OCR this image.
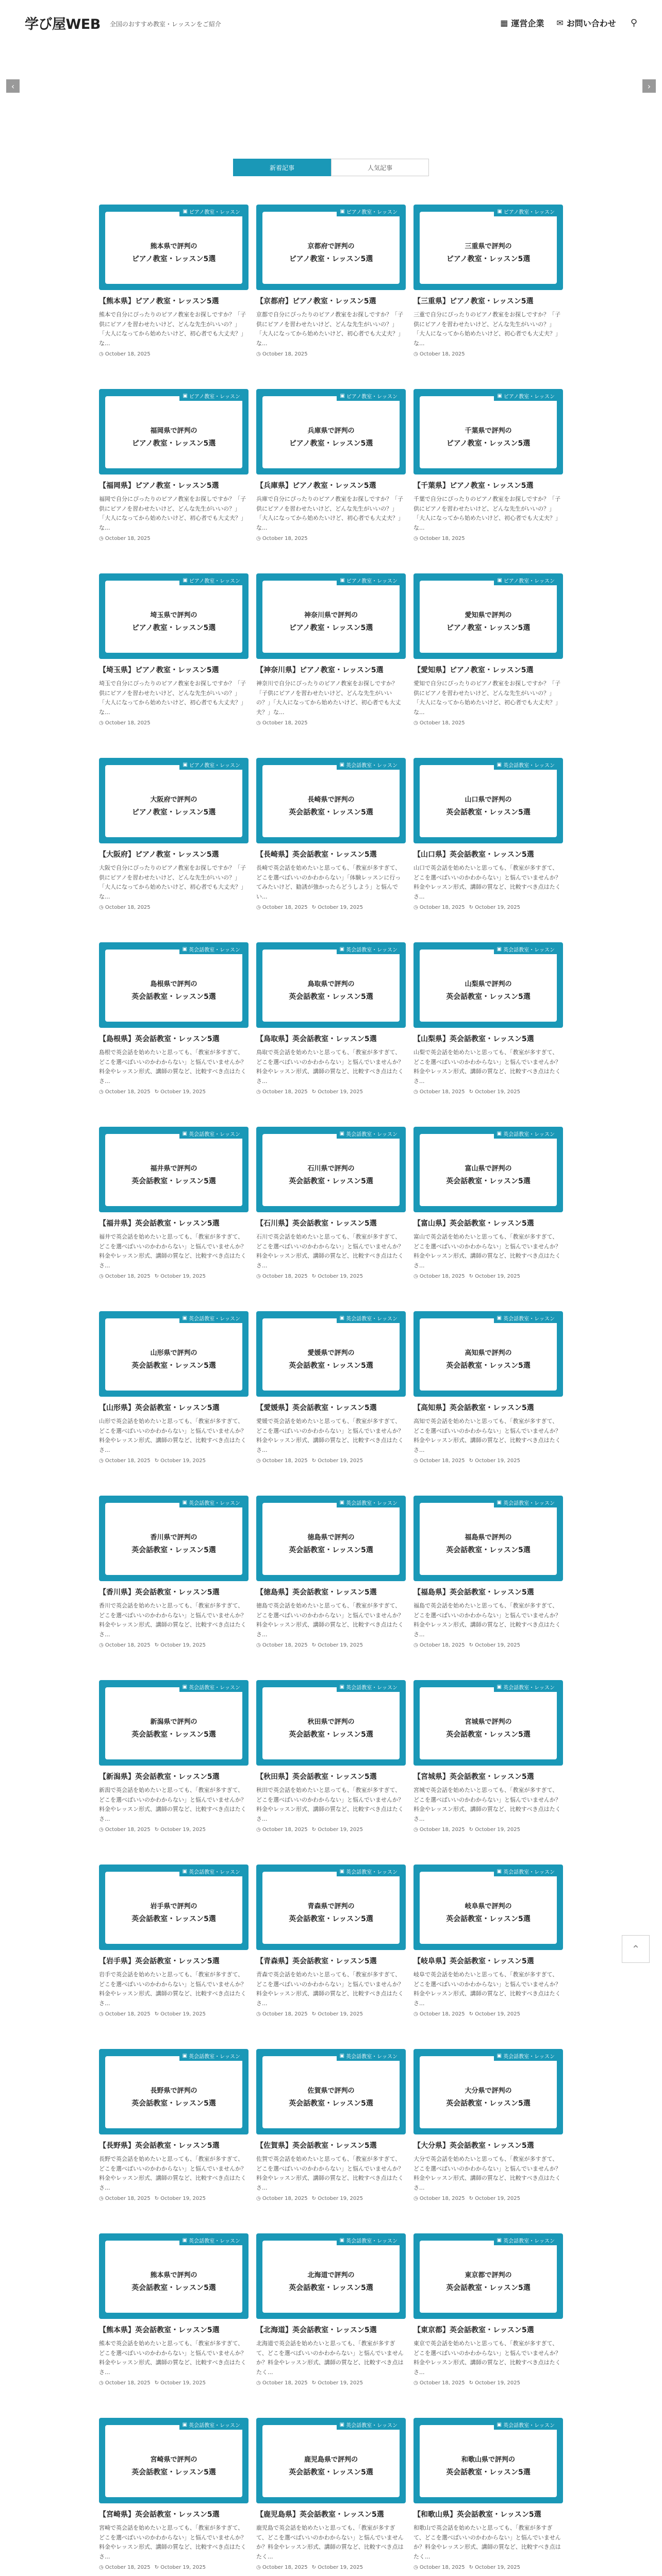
学び屋WEB 全国のおすすめ教室・レッスンをご紹介	▦ 運営企業 ✉ お問い合わせ ⚲
‹	›
新着記事	人気記事
▣ ピアノ教室・レッスン
熊本県で評判の
ピアノ教室・レッスン5選
【熊本県】ピアノ教室・レッスン5選
熊本で自分にぴったりのピアノ教室をお探しですか？「子供にピアノを習わせたいけど、どんな先生がいいの？」「大人になってから始めたいけど、初心者でも大丈夫？」な...
◷ October 18, 2025
▣ ピアノ教室・レッスン
京都府で評判の
ピアノ教室・レッスン5選
【京都府】ピアノ教室・レッスン5選
京都で自分にぴったりのピアノ教室をお探しですか？「子供にピアノを習わせたいけど、どんな先生がいいの？」「大人になってから始めたいけど、初心者でも大丈夫？」な...
◷ October 18, 2025
▣ ピアノ教室・レッスン
三重県で評判の
ピアノ教室・レッスン5選
【三重県】ピアノ教室・レッスン5選
三重で自分にぴったりのピアノ教室をお探しですか？「子供にピアノを習わせたいけど、どんな先生がいいの？」「大人になってから始めたいけど、初心者でも大丈夫？」な...
◷ October 18, 2025
▣ ピアノ教室・レッスン
福岡県で評判の
ピアノ教室・レッスン5選
【福岡県】ピアノ教室・レッスン5選
福岡で自分にぴったりのピアノ教室をお探しですか？「子供にピアノを習わせたいけど、どんな先生がいいの？」「大人になってから始めたいけど、初心者でも大丈夫？」な...
◷ October 18, 2025
▣ ピアノ教室・レッスン
兵庫県で評判の
ピアノ教室・レッスン5選
【兵庫県】ピアノ教室・レッスン5選
兵庫で自分にぴったりのピアノ教室をお探しですか？「子供にピアノを習わせたいけど、どんな先生がいいの？」「大人になってから始めたいけど、初心者でも大丈夫？」な...
◷ October 18, 2025
▣ ピアノ教室・レッスン
千葉県で評判の
ピアノ教室・レッスン5選
【千葉県】ピアノ教室・レッスン5選
千葉で自分にぴったりのピアノ教室をお探しですか？「子供にピアノを習わせたいけど、どんな先生がいいの？」「大人になってから始めたいけど、初心者でも大丈夫？」な...
◷ October 18, 2025
▣ ピアノ教室・レッスン
埼玉県で評判の
ピアノ教室・レッスン5選
【埼玉県】ピアノ教室・レッスン5選
埼玉で自分にぴったりのピアノ教室をお探しですか？「子供にピアノを習わせたいけど、どんな先生がいいの？」「大人になってから始めたいけど、初心者でも大丈夫？」な...
◷ October 18, 2025
▣ ピアノ教室・レッスン
神奈川県で評判の
ピアノ教室・レッスン5選
【神奈川県】ピアノ教室・レッスン5選
神奈川で自分にぴったりのピアノ教室をお探しですか？「子供にピアノを習わせたいけど、どんな先生がいいの？」「大人になってから始めたいけど、初心者でも大丈夫？」な...
◷ October 18, 2025
▣ ピアノ教室・レッスン
愛知県で評判の
ピアノ教室・レッスン5選
【愛知県】ピアノ教室・レッスン5選
愛知で自分にぴったりのピアノ教室をお探しですか？「子供にピアノを習わせたいけど、どんな先生がいいの？」「大人になってから始めたいけど、初心者でも大丈夫？」な...
◷ October 18, 2025
▣ ピアノ教室・レッスン
大阪府で評判の
ピアノ教室・レッスン5選
【大阪府】ピアノ教室・レッスン5選
大阪で自分にぴったりのピアノ教室をお探しですか？「子供にピアノを習わせたいけど、どんな先生がいいの？」「大人になってから始めたいけど、初心者でも大丈夫？」な...
◷ October 18, 2025
▣ 英会話教室・レッスン
長崎県で評判の
英会話教室・レッスン5選
【長崎県】英会話教室・レッスン5選
長崎で英会話を始めたいと思っても、「教室が多すぎて、どこを選べばいいのかわからない」「体験レッスンに行ってみたいけど、勧誘が強かったらどうしよう」と悩んでい...
◷ October 18, 2025 ↻ October 19, 2025
▣ 英会話教室・レッスン
山口県で評判の
英会話教室・レッスン5選
【山口県】英会話教室・レッスン5選
山口で英会話を始めたいと思っても、「教室が多すぎて、どこを選べばいいのかわからない」と悩んでいませんか？料金やレッスン形式、講師の質など、比較すべき点はたくさ...
◷ October 18, 2025 ↻ October 19, 2025
▣ 英会話教室・レッスン
島根県で評判の
英会話教室・レッスン5選
【島根県】英会話教室・レッスン5選
島根で英会話を始めたいと思っても、「教室が多すぎて、どこを選べばいいのかわからない」と悩んでいませんか？料金やレッスン形式、講師の質など、比較すべき点はたくさ...
◷ October 18, 2025 ↻ October 19, 2025
▣ 英会話教室・レッスン
鳥取県で評判の
英会話教室・レッスン5選
【鳥取県】英会話教室・レッスン5選
鳥取で英会話を始めたいと思っても、「教室が多すぎて、どこを選べばいいのかわからない」と悩んでいませんか？料金やレッスン形式、講師の質など、比較すべき点はたくさ...
◷ October 18, 2025 ↻ October 19, 2025
▣ 英会話教室・レッスン
山梨県で評判の
英会話教室・レッスン5選
【山梨県】英会話教室・レッスン5選
山梨で英会話を始めたいと思っても、「教室が多すぎて、どこを選べばいいのかわからない」と悩んでいませんか？料金やレッスン形式、講師の質など、比較すべき点はたくさ...
◷ October 18, 2025 ↻ October 19, 2025
▣ 英会話教室・レッスン
福井県で評判の
英会話教室・レッスン5選
【福井県】英会話教室・レッスン5選
福井で英会話を始めたいと思っても、「教室が多すぎて、どこを選べばいいのかわからない」と悩んでいませんか？料金やレッスン形式、講師の質など、比較すべき点はたくさ...
◷ October 18, 2025 ↻ October 19, 2025
▣ 英会話教室・レッスン
石川県で評判の
英会話教室・レッスン5選
【石川県】英会話教室・レッスン5選
石川で英会話を始めたいと思っても、「教室が多すぎて、どこを選べばいいのかわからない」と悩んでいませんか？料金やレッスン形式、講師の質など、比較すべき点はたくさ...
◷ October 18, 2025 ↻ October 19, 2025
▣ 英会話教室・レッスン
富山県で評判の
英会話教室・レッスン5選
【富山県】英会話教室・レッスン5選
富山で英会話を始めたいと思っても、「教室が多すぎて、どこを選べばいいのかわからない」と悩んでいませんか？料金やレッスン形式、講師の質など、比較すべき点はたくさ...
◷ October 18, 2025 ↻ October 19, 2025
▣ 英会話教室・レッスン
山形県で評判の
英会話教室・レッスン5選
【山形県】英会話教室・レッスン5選
山形で英会話を始めたいと思っても、「教室が多すぎて、どこを選べばいいのかわからない」と悩んでいませんか？料金やレッスン形式、講師の質など、比較すべき点はたくさ...
◷ October 18, 2025 ↻ October 19, 2025
▣ 英会話教室・レッスン
愛媛県で評判の
英会話教室・レッスン5選
【愛媛県】英会話教室・レッスン5選
愛媛で英会話を始めたいと思っても、「教室が多すぎて、どこを選べばいいのかわからない」と悩んでいませんか？料金やレッスン形式、講師の質など、比較すべき点はたくさ...
◷ October 18, 2025 ↻ October 19, 2025
▣ 英会話教室・レッスン
高知県で評判の
英会話教室・レッスン5選
【高知県】英会話教室・レッスン5選
高知で英会話を始めたいと思っても、「教室が多すぎて、どこを選べばいいのかわからない」と悩んでいませんか？料金やレッスン形式、講師の質など、比較すべき点はたくさ...
◷ October 18, 2025 ↻ October 19, 2025
▣ 英会話教室・レッスン
香川県で評判の
英会話教室・レッスン5選
【香川県】英会話教室・レッスン5選
香川で英会話を始めたいと思っても、「教室が多すぎて、どこを選べばいいのかわからない」と悩んでいませんか？料金やレッスン形式、講師の質など、比較すべき点はたくさ...
◷ October 18, 2025 ↻ October 19, 2025
▣ 英会話教室・レッスン
徳島県で評判の
英会話教室・レッスン5選
【徳島県】英会話教室・レッスン5選
徳島で英会話を始めたいと思っても、「教室が多すぎて、どこを選べばいいのかわからない」と悩んでいませんか？料金やレッスン形式、講師の質など、比較すべき点はたくさ...
◷ October 18, 2025 ↻ October 19, 2025
▣ 英会話教室・レッスン
福島県で評判の
英会話教室・レッスン5選
【福島県】英会話教室・レッスン5選
福島で英会話を始めたいと思っても、「教室が多すぎて、どこを選べばいいのかわからない」と悩んでいませんか？料金やレッスン形式、講師の質など、比較すべき点はたくさ...
◷ October 18, 2025 ↻ October 19, 2025
▣ 英会話教室・レッスン
新潟県で評判の
英会話教室・レッスン5選
【新潟県】英会話教室・レッスン5選
新潟で英会話を始めたいと思っても、「教室が多すぎて、どこを選べばいいのかわからない」と悩んでいませんか？料金やレッスン形式、講師の質など、比較すべき点はたくさ...
◷ October 18, 2025 ↻ October 19, 2025
▣ 英会話教室・レッスン
秋田県で評判の
英会話教室・レッスン5選
【秋田県】英会話教室・レッスン5選
秋田で英会話を始めたいと思っても、「教室が多すぎて、どこを選べばいいのかわからない」と悩んでいませんか？料金やレッスン形式、講師の質など、比較すべき点はたくさ...
◷ October 18, 2025 ↻ October 19, 2025
▣ 英会話教室・レッスン
宮城県で評判の
英会話教室・レッスン5選
【宮城県】英会話教室・レッスン5選
宮城で英会話を始めたいと思っても、「教室が多すぎて、どこを選べばいいのかわからない」と悩んでいませんか？料金やレッスン形式、講師の質など、比較すべき点はたくさ...
◷ October 18, 2025 ↻ October 19, 2025
▣ 英会話教室・レッスン
岩手県で評判の
英会話教室・レッスン5選
【岩手県】英会話教室・レッスン5選
岩手で英会話を始めたいと思っても、「教室が多すぎて、どこを選べばいいのかわからない」と悩んでいませんか？料金やレッスン形式、講師の質など、比較すべき点はたくさ...
◷ October 18, 2025 ↻ October 19, 2025
▣ 英会話教室・レッスン
青森県で評判の
英会話教室・レッスン5選
【青森県】英会話教室・レッスン5選
青森で英会話を始めたいと思っても、「教室が多すぎて、どこを選べばいいのかわからない」と悩んでいませんか？料金やレッスン形式、講師の質など、比較すべき点はたくさ...
◷ October 18, 2025 ↻ October 19, 2025
▣ 英会話教室・レッスン
岐阜県で評判の
英会話教室・レッスン5選
【岐阜県】英会話教室・レッスン5選
岐阜で英会話を始めたいと思っても、「教室が多すぎて、どこを選べばいいのかわからない」と悩んでいませんか？料金やレッスン形式、講師の質など、比較すべき点はたくさ...
◷ October 18, 2025 ↻ October 19, 2025
▣ 英会話教室・レッスン
長野県で評判の
英会話教室・レッスン5選
【長野県】英会話教室・レッスン5選
長野で英会話を始めたいと思っても、「教室が多すぎて、どこを選べばいいのかわからない」と悩んでいませんか？料金やレッスン形式、講師の質など、比較すべき点はたくさ...
◷ October 18, 2025 ↻ October 19, 2025
▣ 英会話教室・レッスン
佐賀県で評判の
英会話教室・レッスン5選
【佐賀県】英会話教室・レッスン5選
佐賀で英会話を始めたいと思っても、「教室が多すぎて、どこを選べばいいのかわからない」と悩んでいませんか？料金やレッスン形式、講師の質など、比較すべき点はたくさ...
◷ October 18, 2025 ↻ October 19, 2025
▣ 英会話教室・レッスン
大分県で評判の
英会話教室・レッスン5選
【大分県】英会話教室・レッスン5選
大分で英会話を始めたいと思っても、「教室が多すぎて、どこを選べばいいのかわからない」と悩んでいませんか？料金やレッスン形式、講師の質など、比較すべき点はたくさ...
◷ October 18, 2025 ↻ October 19, 2025
▣ 英会話教室・レッスン
熊本県で評判の
英会話教室・レッスン5選
【熊本県】英会話教室・レッスン5選
熊本で英会話を始めたいと思っても、「教室が多すぎて、どこを選べばいいのかわからない」と悩んでいませんか？料金やレッスン形式、講師の質など、比較すべき点はたくさ...
◷ October 18, 2025 ↻ October 19, 2025
▣ 英会話教室・レッスン
北海道で評判の
英会話教室・レッスン5選
【北海道】英会話教室・レッスン5選
北海道で英会話を始めたいと思っても、「教室が多すぎて、どこを選べばいいのかわからない」と悩んでいませんか？料金やレッスン形式、講師の質など、比較すべき点はたく...
◷ October 18, 2025 ↻ October 19, 2025
▣ 英会話教室・レッスン
東京都で評判の
英会話教室・レッスン5選
【東京都】英会話教室・レッスン5選
東京で英会話を始めたいと思っても、「教室が多すぎて、どこを選べばいいのかわからない」と悩んでいませんか？料金やレッスン形式、講師の質など、比較すべき点はたくさ...
◷ October 18, 2025 ↻ October 19, 2025
▣ 英会話教室・レッスン
宮崎県で評判の
英会話教室・レッスン5選
【宮崎県】英会話教室・レッスン5選
宮崎で英会話を始めたいと思っても、「教室が多すぎて、どこを選べばいいのかわからない」と悩んでいませんか？料金やレッスン形式、講師の質など、比較すべき点はたくさ...
◷ October 18, 2025 ↻ October 19, 2025
▣ 英会話教室・レッスン
鹿児島県で評判の
英会話教室・レッスン5選
【鹿児島県】英会話教室・レッスン5選
鹿児島で英会話を始めたいと思っても、「教室が多すぎて、どこを選べばいいのかわからない」と悩んでいませんか？料金やレッスン形式、講師の質など、比較すべき点はたく...
◷ October 18, 2025 ↻ October 19, 2025
▣ 英会話教室・レッスン
和歌山県で評判の
英会話教室・レッスン5選
【和歌山県】英会話教室・レッスン5選
和歌山で英会話を始めたいと思っても、「教室が多すぎて、どこを選べばいいのかわからない」と悩んでいませんか？料金やレッスン形式、講師の質など、比較すべき点はたく...
◷ October 18, 2025 ↻ October 19, 2025
⌃
